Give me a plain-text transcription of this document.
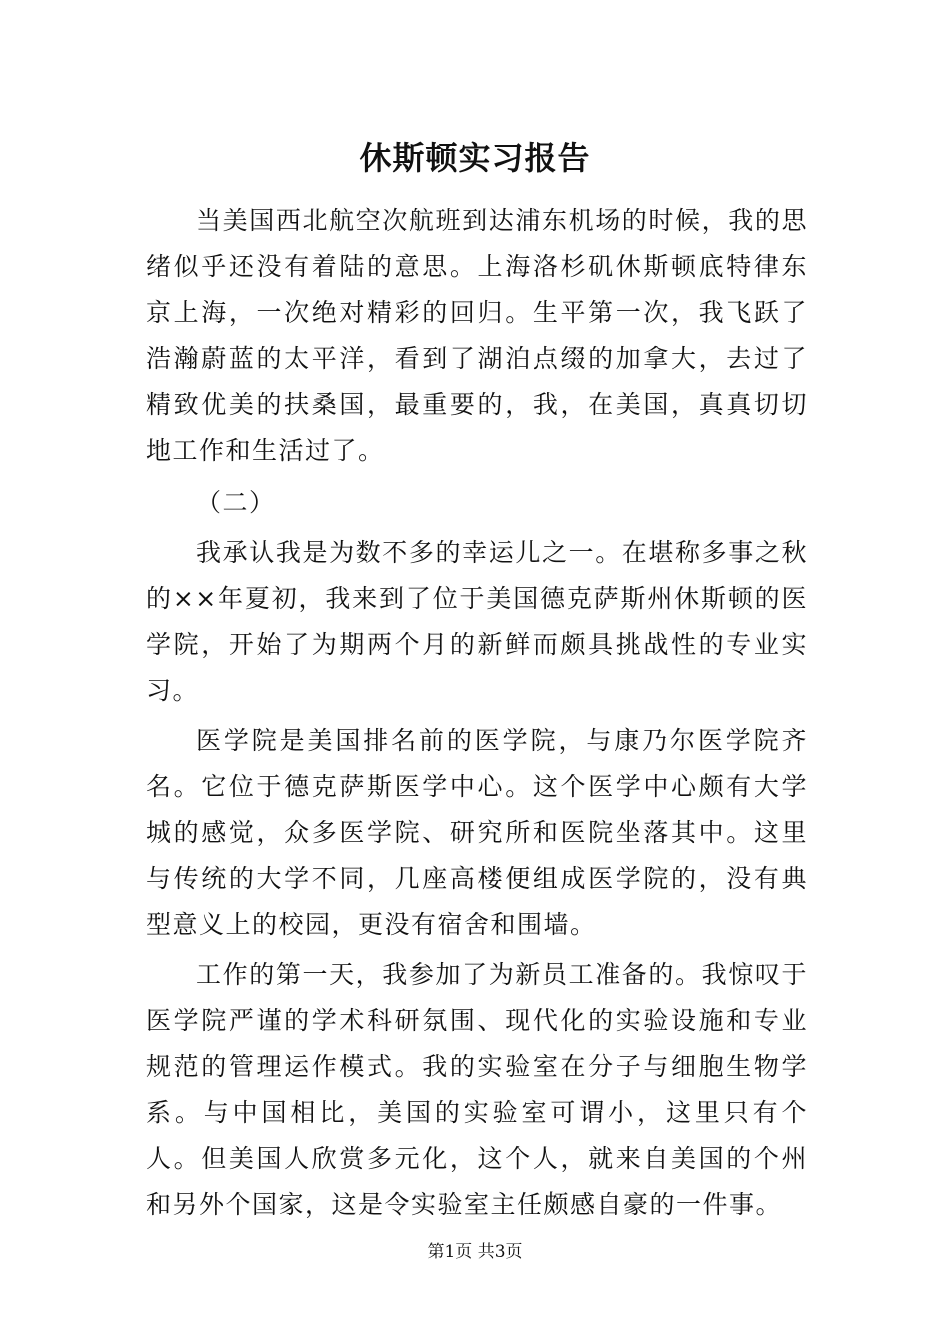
休斯顿实习报告

当美国西北航空次航班到达浦东机场的时候，我的思绪似乎还没有着陆的意思。上海洛杉矶休斯顿底特律东京上海，一次绝对精彩的回归。生平第一次，我飞跃了浩瀚蔚蓝的太平洋，看到了湖泊点缀的加拿大，去过了精致优美的扶桑国，最重要的，我，在美国，真真切切地工作和生活过了。

（二）

我承认我是为数不多的幸运儿之一。在堪称多事之秋的××年夏初，我来到了位于美国德克萨斯州休斯顿的医学院，开始了为期两个月的新鲜而颇具挑战性的专业实习。

医学院是美国排名前的医学院，与康乃尔医学院齐名。它位于德克萨斯医学中心。这个医学中心颇有大学城的感觉，众多医学院、研究所和医院坐落其中。这里与传统的大学不同，几座高楼便组成医学院的，没有典型意义上的校园，更没有宿舍和围墙。

工作的第一天，我参加了为新员工准备的。我惊叹于医学院严谨的学术科研氛围、现代化的实验设施和专业规范的管理运作模式。我的实验室在分子与细胞生物学系。与中国相比，美国的实验室可谓小，这里只有个人。但美国人欣赏多元化，这个人，就来自美国的个州和另外个国家，这是令实验室主任颇感自豪的一件事。

第1页 共3页
